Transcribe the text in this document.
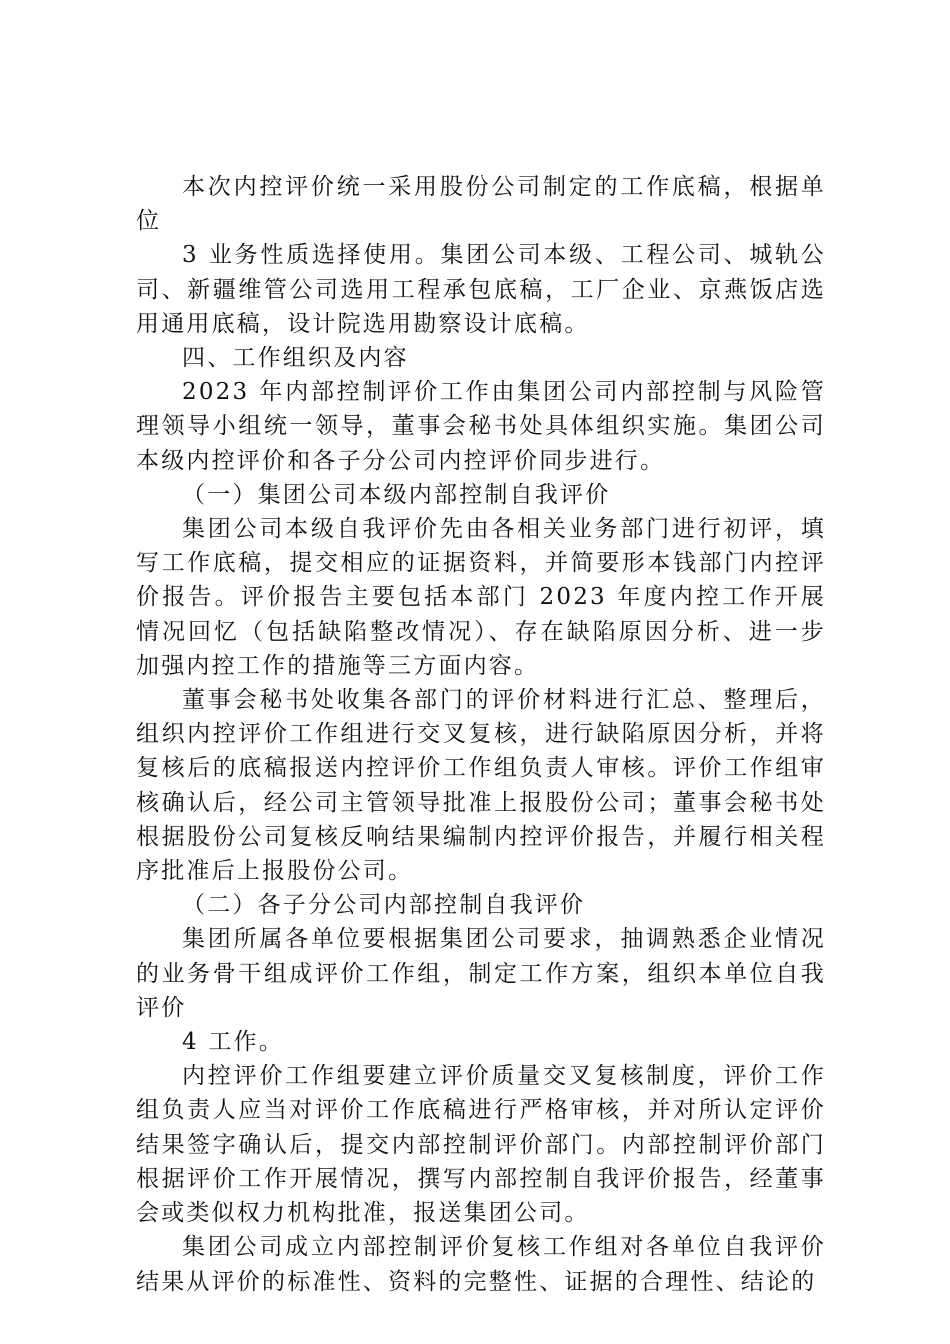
本次内控评价统一采用股份公司制定的工作底稿，根据单位

3 业务性质选择使用。集团公司本级、工程公司、城轨公司、新疆维管公司选用工程承包底稿，工厂企业、京燕饭店选用通用底稿，设计院选用勘察设计底稿。

四、工作组织及内容

2023 年内部控制评价工作由集团公司内部控制与风险管理领导小组统一领导，董事会秘书处具体组织实施。集团公司本级内控评价和各子分公司内控评价同步进行。

（一）集团公司本级内部控制自我评价

集团公司本级自我评价先由各相关业务部门进行初评，填写工作底稿，提交相应的证据资料，并简要形本钱部门内控评价报告。评价报告主要包括本部门 2023 年度内控工作开展情况回忆（包括缺陷整改情况）、存在缺陷原因分析、进一步加强内控工作的措施等三方面内容。

董事会秘书处收集各部门的评价材料进行汇总、整理后，组织内控评价工作组进行交叉复核，进行缺陷原因分析，并将复核后的底稿报送内控评价工作组负责人审核。评价工作组审核确认后，经公司主管领导批准上报股份公司；董事会秘书处根据股份公司复核反响结果编制内控评价报告，并履行相关程序批准后上报股份公司。

（二）各子分公司内部控制自我评价

集团所属各单位要根据集团公司要求，抽调熟悉企业情况的业务骨干组成评价工作组，制定工作方案，组织本单位自我评价

4 工作。

内控评价工作组要建立评价质量交叉复核制度，评价工作组负责人应当对评价工作底稿进行严格审核，并对所认定评价结果签字确认后，提交内部控制评价部门。内部控制评价部门根据评价工作开展情况，撰写内部控制自我评价报告，经董事会或类似权力机构批准，报送集团公司。

集团公司成立内部控制评价复核工作组对各单位自我评价结果从评价的标准性、资料的完整性、证据的合理性、结论的
